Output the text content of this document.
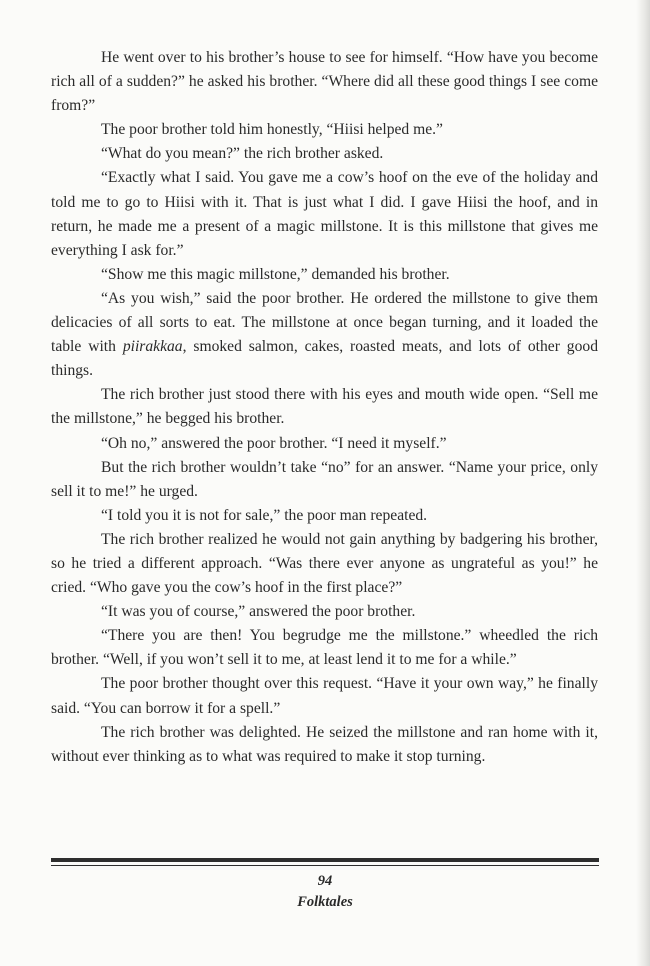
He went over to his brother’s house to see for himself. “How have you become rich all of a sudden?” he asked his brother. “Where did all these good things I see come from?”

The poor brother told him honestly, “Hiisi helped me.”

“What do you mean?” the rich brother asked.

“Exactly what I said. You gave me a cow’s hoof on the eve of the holiday and told me to go to Hiisi with it. That is just what I did. I gave Hiisi the hoof, and in return, he made me a present of a magic millstone. It is this millstone that gives me everything I ask for.”

“Show me this magic millstone,” demanded his brother.

“As you wish,” said the poor brother. He ordered the millstone to give them delicacies of all sorts to eat. The millstone at once began turning, and it loaded the table with piirakkaa, smoked salmon, cakes, roasted meats, and lots of other good things.

The rich brother just stood there with his eyes and mouth wide open. “Sell me the millstone,” he begged his brother.

“Oh no,” answered the poor brother. “I need it myself.”

But the rich brother wouldn’t take “no” for an answer. “Name your price, only sell it to me!” he urged.

“I told you it is not for sale,” the poor man repeated.

The rich brother realized he would not gain anything by badgering his brother, so he tried a different approach. “Was there ever anyone as ungrateful as you!” he cried. “Who gave you the cow’s hoof in the first place?”

“It was you of course,” answered the poor brother.

“There you are then! You begrudge me the millstone.” wheedled the rich brother. “Well, if you won’t sell it to me, at least lend it to me for a while.”

The poor brother thought over this request. “Have it your own way,” he finally said. “You can borrow it for a spell.”

The rich brother was delighted. He seized the millstone and ran home with it, without ever thinking as to what was required to make it stop turning.

94
Folktales
